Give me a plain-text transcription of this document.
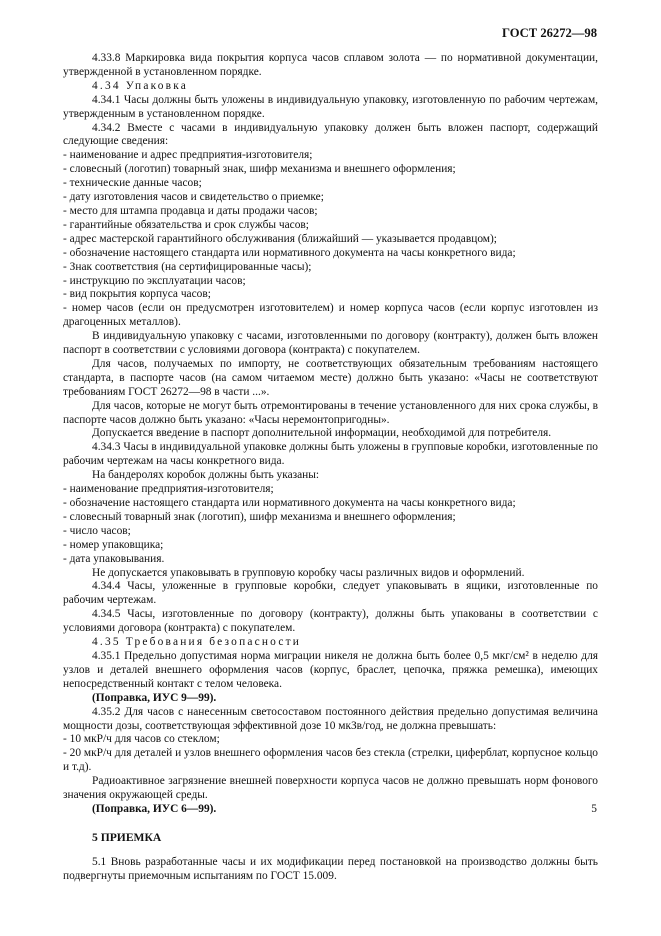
ГОСТ 26272—98

4.33.8 Маркировка вида покрытия корпуса часов сплавом золота — по нормативной документации, утвержденной в установленном порядке.

4.34 Упаковка

4.34.1 Часы должны быть уложены в индивидуальную упаковку, изготовленную по рабочим чертежам, утвержденным в установленном порядке.

4.34.2 Вместе с часами в индивидуальную упаковку должен быть вложен паспорт, содержащий следующие сведения:

- наименование и адрес предприятия-изготовителя;

- словесный (логотип) товарный знак, шифр механизма и внешнего оформления;

- технические данные часов;

- дату изготовления часов и свидетельство о приемке;

- место для штампа продавца и даты продажи часов;

- гарантийные обязательства и срок службы часов;

- адрес мастерской гарантийного обслуживания (ближайший — указывается продавцом);

- обозначение настоящего стандарта или нормативного документа на часы конкретного вида;

- Знак соответствия (на сертифицированные часы);

- инструкцию по эксплуатации часов;

- вид покрытия корпуса часов;

- номер часов (если он предусмотрен изготовителем) и номер корпуса часов (если корпус изготовлен из драгоценных металлов).

В индивидуальную упаковку с часами, изготовленными по договору (контракту), должен быть вложен паспорт в соответствии с условиями договора (контракта) с покупателем.

Для часов, получаемых по импорту, не соответствующих обязательным требованиям настоящего стандарта, в паспорте часов (на самом читаемом месте) должно быть указано: «Часы не соответствуют требованиям ГОСТ 26272—98 в части ...».

Для часов, которые не могут быть отремонтированы в течение установленного для них срока службы, в паспорте часов должно быть указано: «Часы неремонтопригодны».

Допускается введение в паспорт дополнительной информации, необходимой для потребителя.

4.34.3 Часы в индивидуальной упаковке должны быть уложены в групповые коробки, изготовленные по рабочим чертежам на часы конкретного вида.

На бандеролях коробок должны быть указаны:

- наименование предприятия-изготовителя;

- обозначение настоящего стандарта или нормативного документа на часы конкретного вида;

- словесный товарный знак (логотип), шифр механизма и внешнего оформления;

- число часов;

- номер упаковщика;

- дата упаковывания.

Не допускается упаковывать в групповую коробку часы различных видов и оформлений.

4.34.4 Часы, уложенные в групповые коробки, следует упаковывать в ящики, изготовленные по рабочим чертежам.

4.34.5 Часы, изготовленные по договору (контракту), должны быть упакованы в соответствии с условиями договора (контракта) с покупателем.

4.35 Требования безопасности

4.35.1 Предельно допустимая норма миграции никеля не должна быть более 0,5 мкг/см² в неделю для узлов и деталей внешнего оформления часов (корпус, браслет, цепочка, пряжка ремешка), имеющих непосредственный контакт с телом человека.

(Поправка, ИУС 9—99).

4.35.2 Для часов с нанесенным светосоставом постоянного действия предельно допустимая величина мощности дозы, соответствующая эффективной дозе 10 мкЗв/год, не должна превышать:

- 10 мкР/ч для часов со стеклом;

- 20 мкР/ч для деталей и узлов внешнего оформления часов без стекла (стрелки, циферблат, корпусное кольцо и т.д).

Радиоактивное загрязнение внешней поверхности корпуса часов не должно превышать норм фонового значения окружающей среды.

(Поправка, ИУС 6—99).

5 ПРИЕМКА

5.1 Вновь разработанные часы и их модификации перед постановкой на производство должны быть подвергнуты приемочным испытаниям по ГОСТ 15.009.

5
